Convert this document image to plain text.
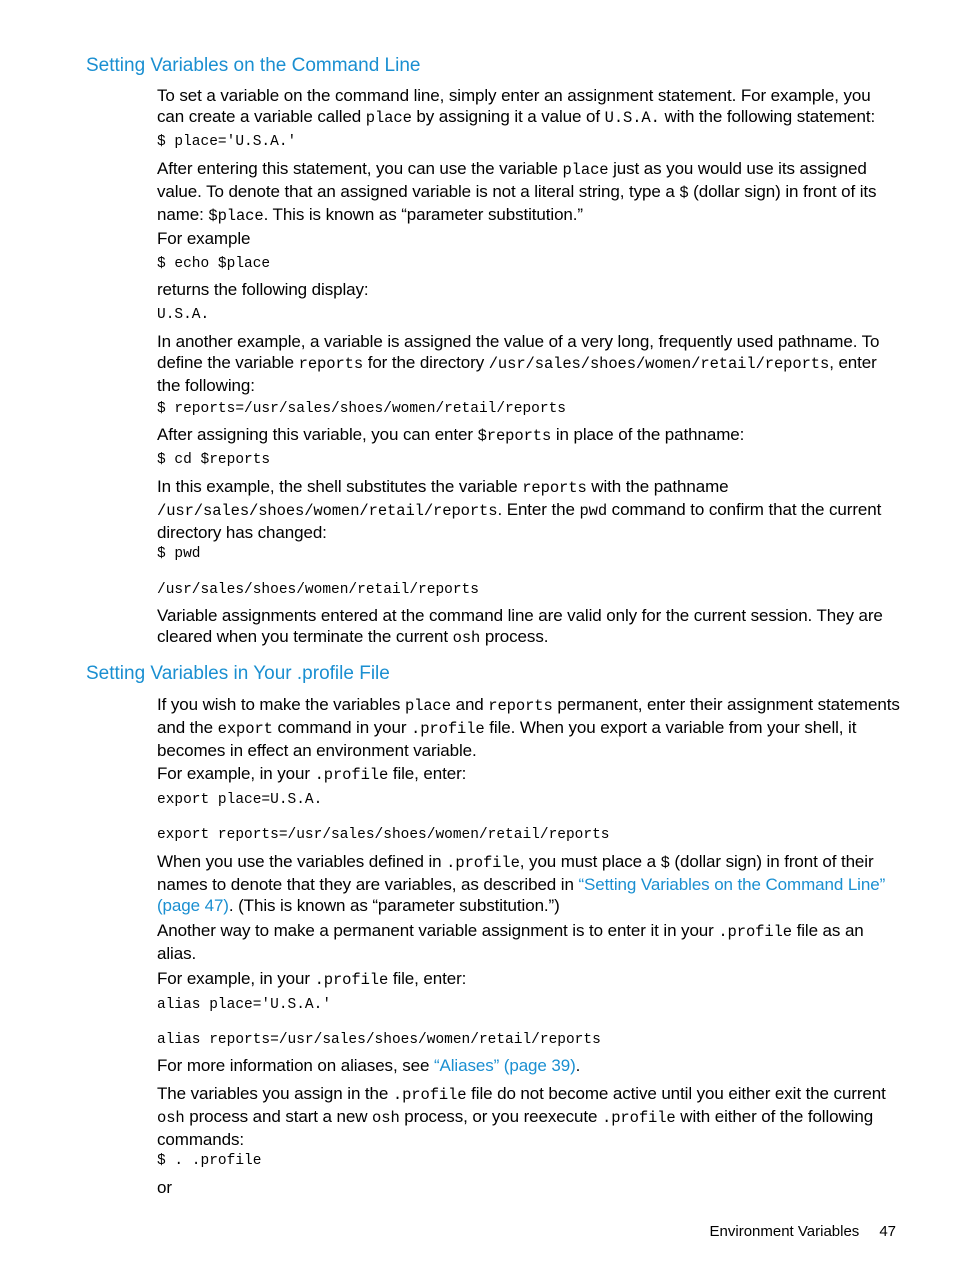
Setting Variables on the Command Line

To set a variable on the command line, simply enter an assignment statement. For example, you can create a variable called place by assigning it a value of U.S.A. with the following statement:

$ place='U.S.A.'

After entering this statement, you can use the variable place just as you would use its assigned value. To denote that an assigned variable is not a literal string, type a $ (dollar sign) in front of its name: $place. This is known as “parameter substitution.”

For example

$ echo $place

returns the following display:

U.S.A.

In another example, a variable is assigned the value of a very long, frequently used pathname. To define the variable reports for the directory /usr/sales/shoes/women/retail/reports, enter the following:

$ reports=/usr/sales/shoes/women/retail/reports

After assigning this variable, you can enter $reports in place of the pathname:

$ cd $reports

In this example, the shell substitutes the variable reports with the pathname /usr/sales/shoes/women/retail/reports. Enter the pwd command to confirm that the current directory has changed:

$ pwd

/usr/sales/shoes/women/retail/reports

Variable assignments entered at the command line are valid only for the current session. They are cleared when you terminate the current osh process.

Setting Variables in Your .profile File

If you wish to make the variables place and reports permanent, enter their assignment statements and the export command in your .profile file. When you export a variable from your shell, it becomes in effect an environment variable.

For example, in your .profile file, enter:

export place=U.S.A.

export reports=/usr/sales/shoes/women/retail/reports

When you use the variables defined in .profile, you must place a $ (dollar sign) in front of their names to denote that they are variables, as described in “Setting Variables on the Command Line” (page 47). (This is known as “parameter substitution.”)

Another way to make a permanent variable assignment is to enter it in your .profile file as an alias.

For example, in your .profile file, enter:

alias place='U.S.A.'

alias reports=/usr/sales/shoes/women/retail/reports

For more information on aliases, see “Aliases” (page 39).

The variables you assign in the .profile file do not become active until you either exit the current osh process and start a new osh process, or you reexecute .profile with either of the following commands:

$ . .profile

or

Environment Variables 47
